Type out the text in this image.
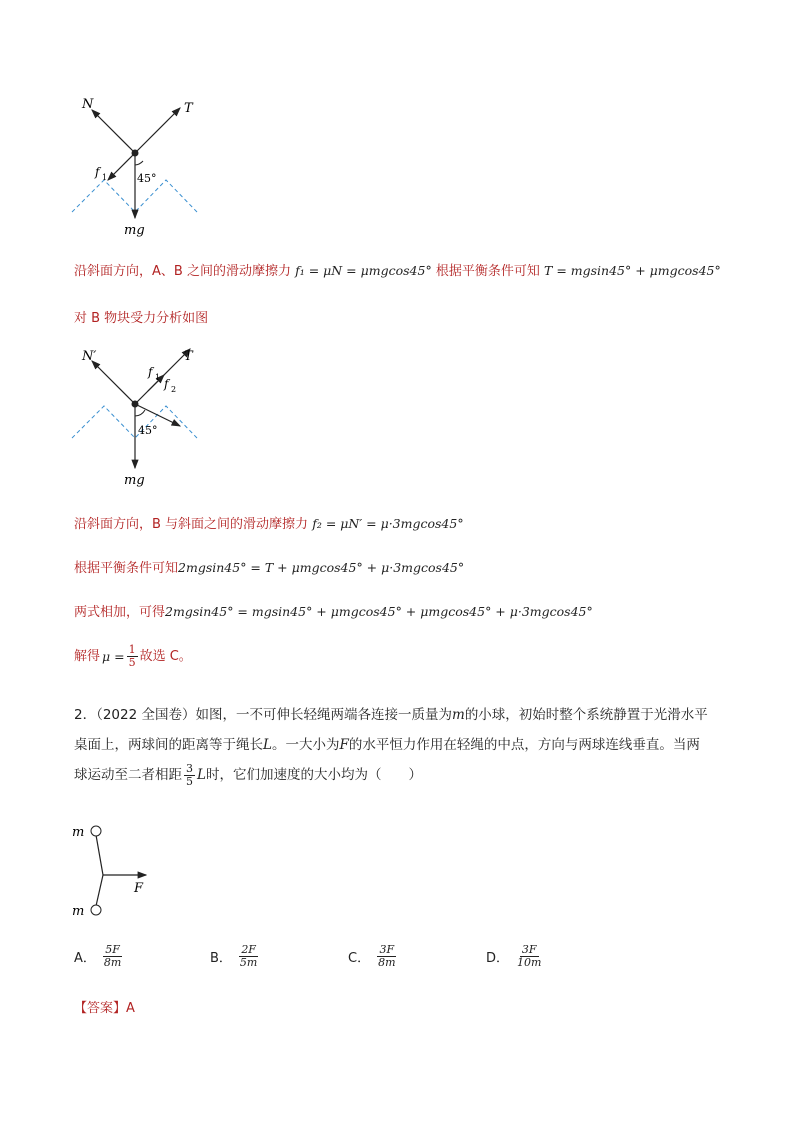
N	T
f 1	45°
mg
沿斜面方向，A、B 之间的滑动摩擦力 f₁ = μN = μmgcos45° 根据平衡条件可知 T = mgsin45° + μmgcos45°
对 B 物块受力分析如图
N′	T
f 1 f 2
45°
mg
沿斜面方向，B 与斜面之间的滑动摩擦力 f₂ = μN′ = μ·3mgcos45°
根据平衡条件可知2mgsin45° = T + μmgcos45° + μ·3mgcos45°
两式相加，可得2mgsin45° = mgsin45° + μmgcos45° + μmgcos45° + μ·3mgcos45°
解得 $\mu = \frac{1}{5}$ 故选 C。
2．（2022 全国卷）如图，一不可伸长轻绳两端各连接一质量为m的小球，初始时整个系统静置于光滑水平
桌面上，两球间的距离等于绳长L。一大小为F的水平恒力作用在轻绳的中点，方向与两球连线垂直。当两
球运动至二者相距 $\frac{3}{5}$ L 时，它们加速度的大小均为（　　）
m
m
F
A． $\frac{5F}{8m}$	B． $\frac{2F}{5m}$	C． $\frac{3F}{8m}$	D． $\frac{3F}{10m}$
【答案】A
